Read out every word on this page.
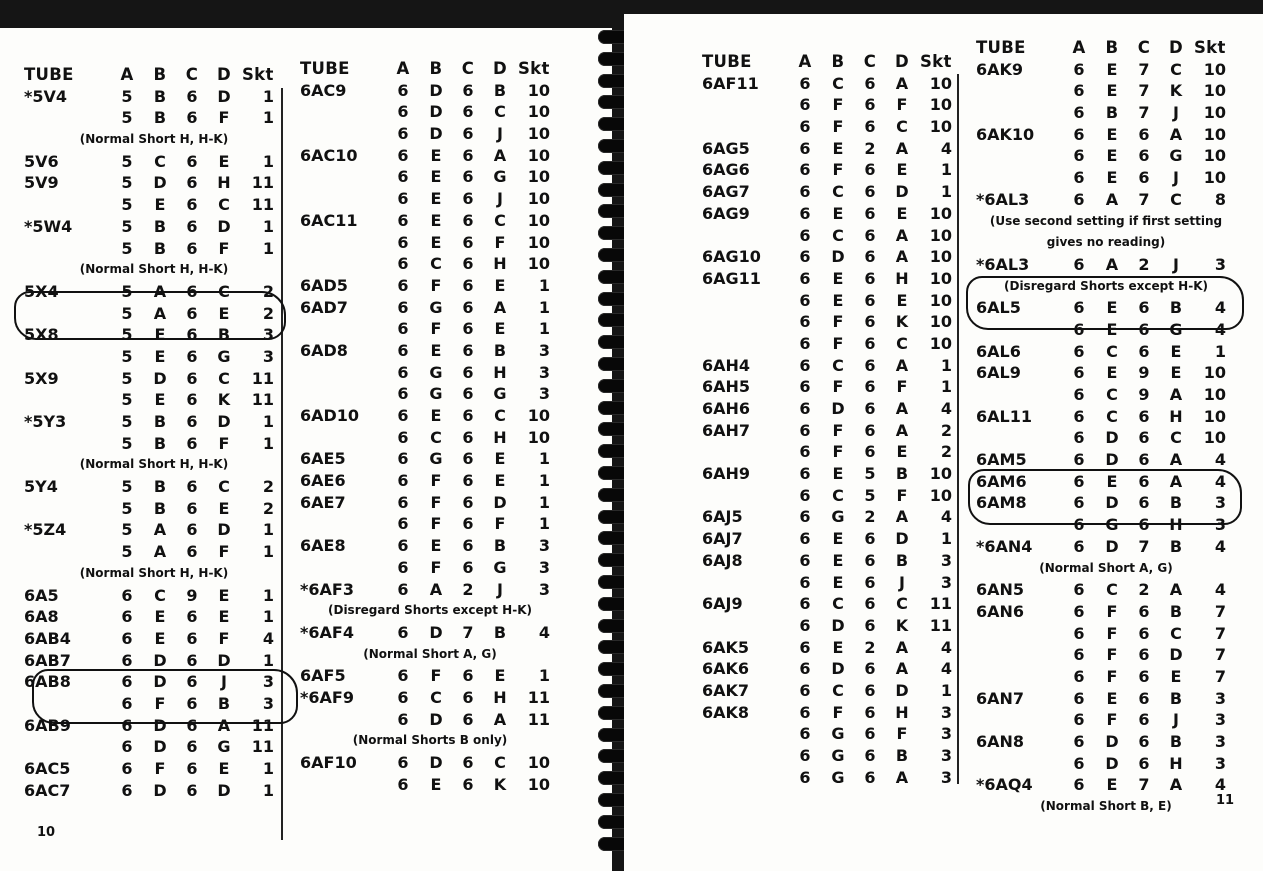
TUBE	A B C D Skt
*5V4	5 B 6 D	1
5 B 6 F	1
(Normal Short H, H-K)
5V6	5 C 6 E	1
5V9	5 D 6 H	11
5 E 6 C	11
*5W4	5 B 6 D	1
5 B 6 F	1
(Normal Short H, H-K)
5X4	5 A 6 C	2
5 A 6 E	2
5X8	5 E 6 B	3
5 E 6 G	3
5X9	5 D 6 C	11
5 E 6 K	11
*5Y3	5 B 6 D	1
5 B 6 F	1
(Normal Short H, H-K)
5Y4	5 B 6 C	2
5 B 6 E	2
*5Z4	5 A 6 D	1
5 A 6 F	1
(Normal Short H, H-K)
6A5	6 C 9 E	1
6A8	6 E 6 E	1
6AB4	6 E 6 F	4
6AB7	6 D 6 D	1
6AB8	6 D 6	J	3
6 F 6 B	3
6AB9	6 D 6 A	11
6 D 6 G	11
6AC5	6 F 6 E	1
6AC7	6 D 6 D	1
TUBE	A B C D Skt
6AC9	6 D 6 B	10
6 D 6 C	10
6 D 6	J	10
6AC10 6 E 6 A	10
6 E 6 G	10
6 E 6	J	10
6AC11 6 E 6 C	10
6 E 6 F	10
6 C 6 H	10
6AD5	6 F 6 E	1
6AD7	6 G 6 A	1
6 F 6 E	1
6AD8	6 E 6 B	3
6 G 6 H	3
6 G 6 G	3
6AD10 6 E 6 C	10
6 C 6 H	10
6AE5	6 G 6 E	1
6AE6	6 F 6 E	1
6AE7	6 F 6 D	1
6 F 6 F	1
6AE8	6 E 6 B	3
6 F 6 G	3
*6AF3	6 A 2	J	3
(Disregard Shorts except H-K)
*6AF4	6 D 7 B	4
(Normal Short A, G)
6AF5	6 F 6 E	1
*6AF9	6 C 6 H	11
6 D 6 A	11
(Normal Shorts B only)
6AF10	6 D 6 C	10
6 E 6 K	10
10
TUBE	A B C D Skt
6AF11	6 C 6 A	10
6 F 6 F	10
6 F 6 C	10
6AG5	6 E 2 A	4
6AG6	6 F 6 E	1
6AG7	6 C 6 D	1
6AG9	6 E 6 E	10
6 C 6 A	10
6AG10 6 D 6 A	10
6AG11 6 E 6 H	10
6 E 6 E	10
6 F 6 K	10
6 F 6 C	10
6AH4	6 C 6 A	1
6AH5	6 F 6 F	1
6AH6	6 D 6 A	4
6AH7	6 F 6 A	2
6 F 6 E	2
6AH9	6 E 5 B	10
6 C 5 F	10
6AJ5	6 G 2 A	4
6AJ7	6 E 6 D	1
6AJ8	6 E 6 B	3
6 E 6	J	3
6AJ9	6 C 6 C	11
6 D 6 K	11
6AK5	6 E 2 A	4
6AK6	6 D 6 A	4
6AK7	6 C 6 D	1
6AK8	6 F 6 H	3
6 G 6 F	3
6 G 6 B	3
6 G 6 A	3
TUBE	A B C D Skt
6AK9	6 E 7 C	10
6 E 7 K	10
6 B 7	J	10
6AK10 6 E 6 A	10
6 E 6 G	10
6 E 6	J	10
*6AL3	6 A 7 C	8
(Use second setting if first setting
gives no reading)
*6AL3	6 A 2	J	3
(Disregard Shorts except H-K)
6AL5	6 E 6 B	4
6 E 6 G	4
6AL6	6 C 6 E	1
6AL9	6 E 9 E	10
6 C 9 A	10
6AL11	6 C 6 H	10
6 D 6 C	10
6AM5	6 D 6 A	4
6AM6	6 E 6 A	4
6AM8	6 D 6 B	3
6 G 6 H	3
*6AN4	6 D 7 B	4
(Normal Short A, G)
6AN5	6 C 2 A	4
6AN6	6 F 6 B	7
6 F 6 C	7
6 F 6 D	7
6 F 6 E	7
6AN7	6 E 6 B	3
6 F 6	J	3
6AN8	6 D 6 B	3
6 D 6 H	3
*6AQ4	6 E 7 A	4
(Normal Short B, E)	11
